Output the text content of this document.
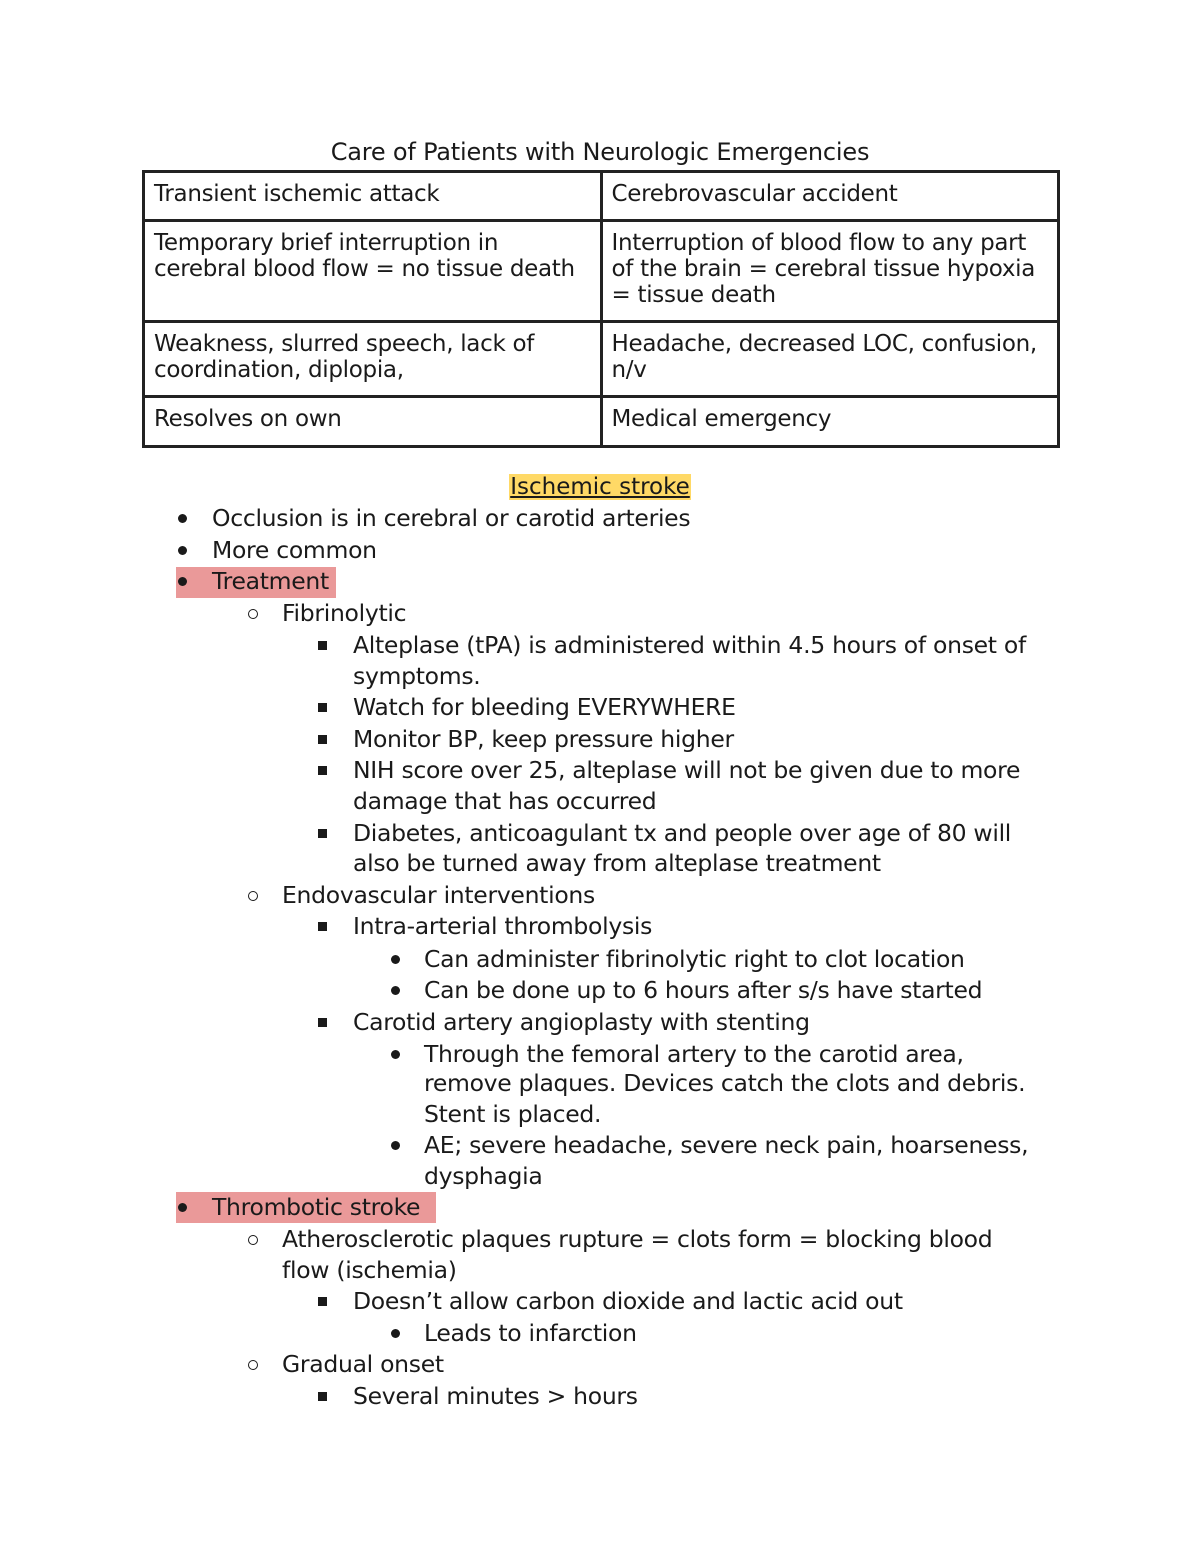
Care of Patients with Neurologic Emergencies
Transient ischemic attack	Cerebrovascular accident
Temporary brief interruption in cerebral blood flow = no tissue death	Interruption of blood flow to any part of the brain = cerebral tissue hypoxia = tissue death
Weakness, slurred speech, lack of coordination, diplopia,	Headache, decreased LOC, confusion, n/v
Resolves on own	Medical emergency
Ischemic stroke
Occlusion is in cerebral or carotid arteries
More common
Treatment
Fibrinolytic
Alteplase (tPA) is administered within 4.5 hours of onset of
symptoms.
Watch for bleeding EVERYWHERE
Monitor BP, keep pressure higher
NIH score over 25, alteplase will not be given due to more
damage that has occurred
Diabetes, anticoagulant tx and people over age of 80 will
also be turned away from alteplase treatment
Endovascular interventions
Intra-arterial thrombolysis
Can administer fibrinolytic right to clot location
Can be done up to 6 hours after s/s have started
Carotid artery angioplasty with stenting
Through the femoral artery to the carotid area,
remove plaques. Devices catch the clots and debris.
Stent is placed.
AE; severe headache, severe neck pain, hoarseness,
dysphagia
Thrombotic stroke
Atherosclerotic plaques rupture = clots form = blocking blood
flow (ischemia)
Doesn’t allow carbon dioxide and lactic acid out
Leads to infarction
Gradual onset
Several minutes > hours
